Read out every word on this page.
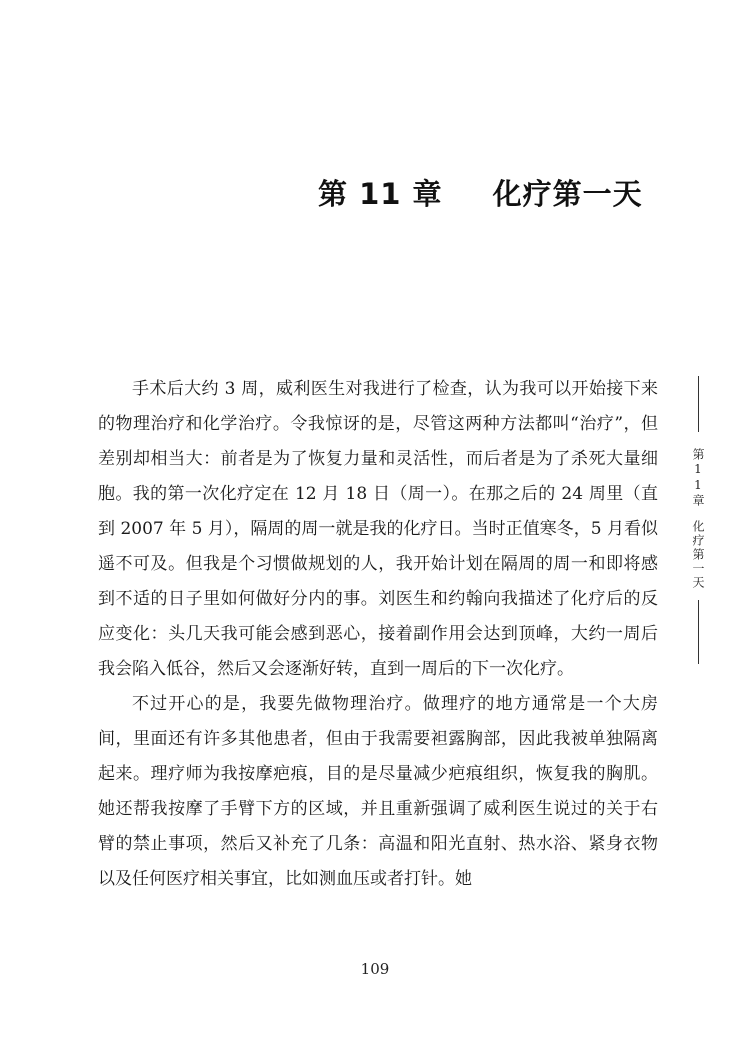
第 11 章 化疗第一天

手术后大约 3 周，威利医生对我进行了检查，认为我可以开始接下来的物理治疗和化学治疗。令我惊讶的是，尽管这两种方法都叫“治疗”，但差别却相当大：前者是为了恢复力量和灵活性，而后者是为了杀死大量细胞。我的第一次化疗定在 12 月 18 日（周一）。在那之后的 24 周里（直到 2007 年 5 月），隔周的周一就是我的化疗日。当时正值寒冬，5 月看似遥不可及。但我是个习惯做规划的人，我开始计划在隔周的周一和即将感到不适的日子里如何做好分内的事。刘医生和约翰向我描述了化疗后的反应变化：头几天我可能会感到恶心，接着副作用会达到顶峰，大约一周后我会陷入低谷，然后又会逐渐好转，直到一周后的下一次化疗。

不过开心的是，我要先做物理治疗。做理疗的地方通常是一个大房间，里面还有许多其他患者，但由于我需要袒露胸部，因此我被单独隔离起来。理疗师为我按摩疤痕，目的是尽量减少疤痕组织，恢复我的胸肌。她还帮我按摩了手臂下方的区域，并且重新强调了威利医生说过的关于右臂的禁止事项，然后又补充了几条：高温和阳光直射、热水浴、紧身衣物以及任何医疗相关事宜，比如测血压或者打针。她

第11章化疗第一天
109
